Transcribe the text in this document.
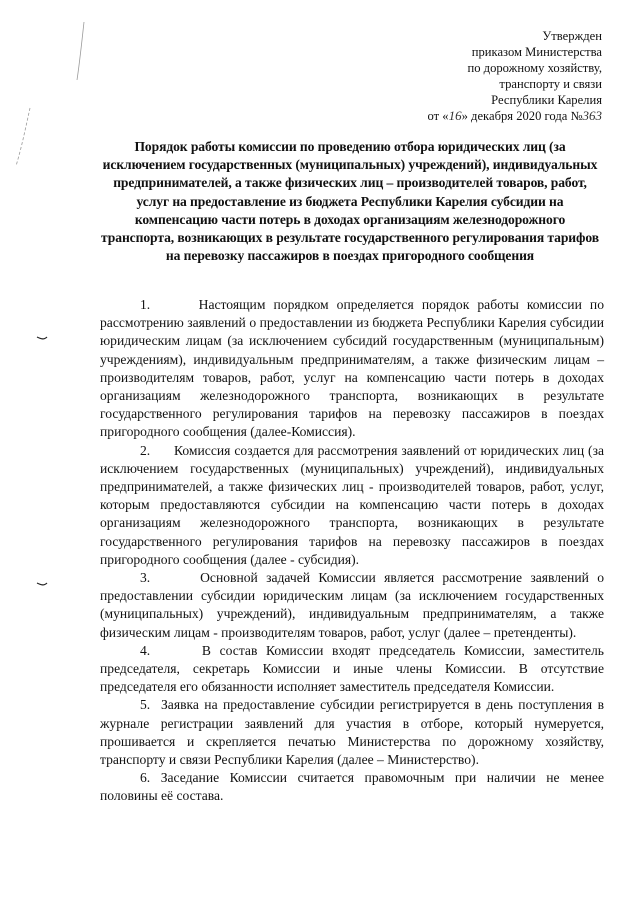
Утвержден
приказом Министерства
по дорожному хозяйству,
транспорту и связи
Республики Карелия
от «16» декабря 2020 года №363
Порядок работы комиссии по проведению отбора юридических лиц (за исключением государственных (муниципальных) учреждений), индивидуальных предпринимателей, а также физических лиц – производителей товаров, работ, услуг на предоставление из бюджета Республики Карелия субсидии на компенсацию части потерь в доходах организациям железнодорожного транспорта, возникающих в результате государственного регулирования тарифов на перевозку пассажиров в поездах пригородного сообщения

1.      Настоящим порядком определяется порядок работы комиссии по рассмотрению заявлений о предоставлении из бюджета Республики Карелия субсидии юридическим лицам (за исключением субсидий государственным (муниципальным) учреждениям), индивидуальным предпринимателям, а также физическим лицам – производителям товаров, работ, услуг на компенсацию части потерь в доходах организациям железнодорожного транспорта, возникающих в результате государственного регулирования тарифов на перевозку пассажиров в поездах пригородного сообщения (далее-Комиссия).

2.      Комиссия создается для рассмотрения заявлений от юридических лиц (за исключением государственных (муниципальных) учреждений), индивидуальных предпринимателей, а также физических лиц - производителей товаров, работ, услуг, которым предоставляются субсидии на компенсацию части потерь в доходах организациям железнодорожного транспорта, возникающих в результате государственного регулирования тарифов на перевозку пассажиров в поездах пригородного сообщения (далее - субсидия).

3.      Основной задачей Комиссии является рассмотрение заявлений о предоставлении субсидии юридическим лицам (за исключением государственных (муниципальных) учреждений), индивидуальным предпринимателям, а также физическим лицам - производителям товаров, работ, услуг (далее – претенденты).

4.      В состав Комиссии входят председатель Комиссии, заместитель председателя, секретарь Комиссии и иные члены Комиссии. В отсутствие председателя его обязанности исполняет заместитель председателя Комиссии.

5.  Заявка на предоставление субсидии регистрируется в день поступления в журнале регистрации заявлений для участия в отборе, который нумеруется, прошивается и скрепляется печатью Министерства по дорожному хозяйству, транспорту и связи Республики Карелия (далее – Министерство).

6. Заседание Комиссии считается правомочным при наличии не менее половины её состава.
